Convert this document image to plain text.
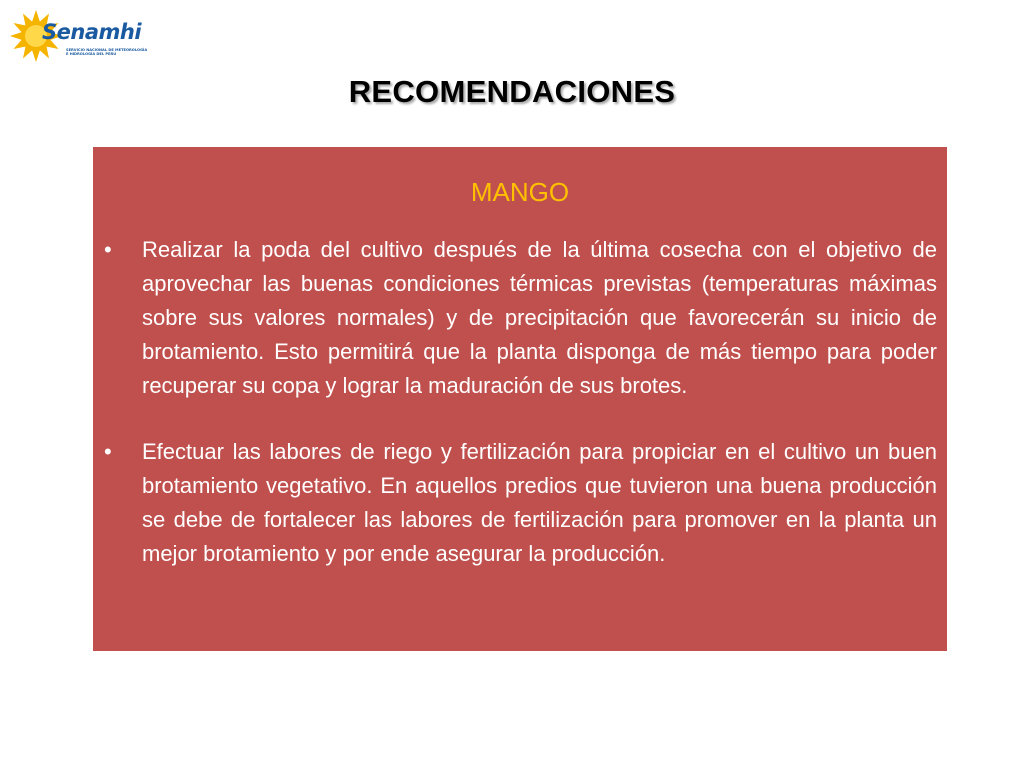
Senamhi
SERVICIO NACIONAL DE METEOROLOGÍA
E HIDROLOGÍA DEL PERÚ
RECOMENDACIONES
MANGO
• Realizar la poda del cultivo después de la última cosecha con el objetivo de aprovechar las buenas condiciones térmicas previstas (temperaturas máximas sobre sus valores normales) y de precipitación que favorecerán su inicio de brotamiento. Esto permitirá que la planta disponga de más tiempo para poder recuperar su copa y lograr la maduración de sus brotes.
• Efectuar las labores de riego y fertilización para propiciar en el cultivo un buen brotamiento vegetativo. En aquellos predios que tuvieron una buena producción se debe de fortalecer las labores de fertilización para promover en la planta un mejor brotamiento y por ende asegurar la producción.
